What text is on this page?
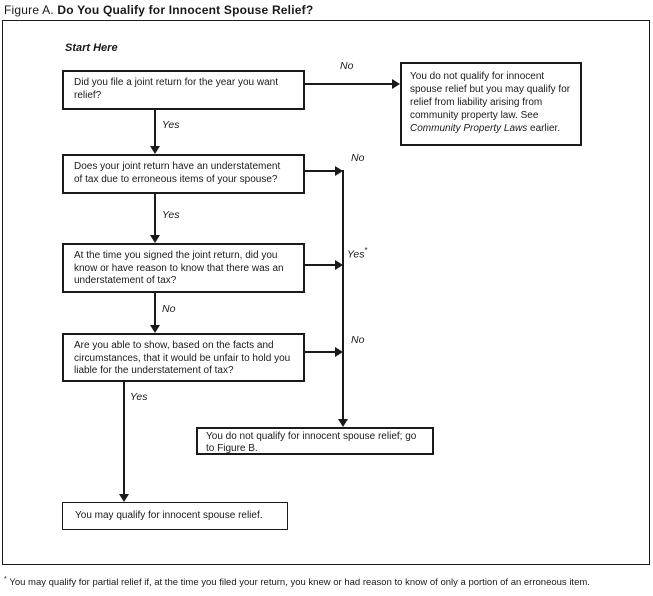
Figure A. Do You Qualify for Innocent Spouse Relief?
Start Here
Did you file a joint return for the year you want relief?
You do not qualify for innocent spouse relief but you may qualify for relief from liability arising from community property law. See Community Property Laws earlier.
Does your joint return have an understatement of tax due to erroneous items of your spouse?
At the time you signed the joint return, did you know or have reason to know that there was an understatement of tax?
Are you able to show, based on the facts and circumstances, that it would be unfair to hold you liable for the understatement of tax?
You do not qualify for innocent spouse relief; go to Figure B.
You may qualify for innocent spouse relief.
No
Yes
No
Yes
Yes*
No
No
Yes
* You may qualify for partial relief if, at the time you filed your return, you knew or had reason to know of only a portion of an erroneous item.
